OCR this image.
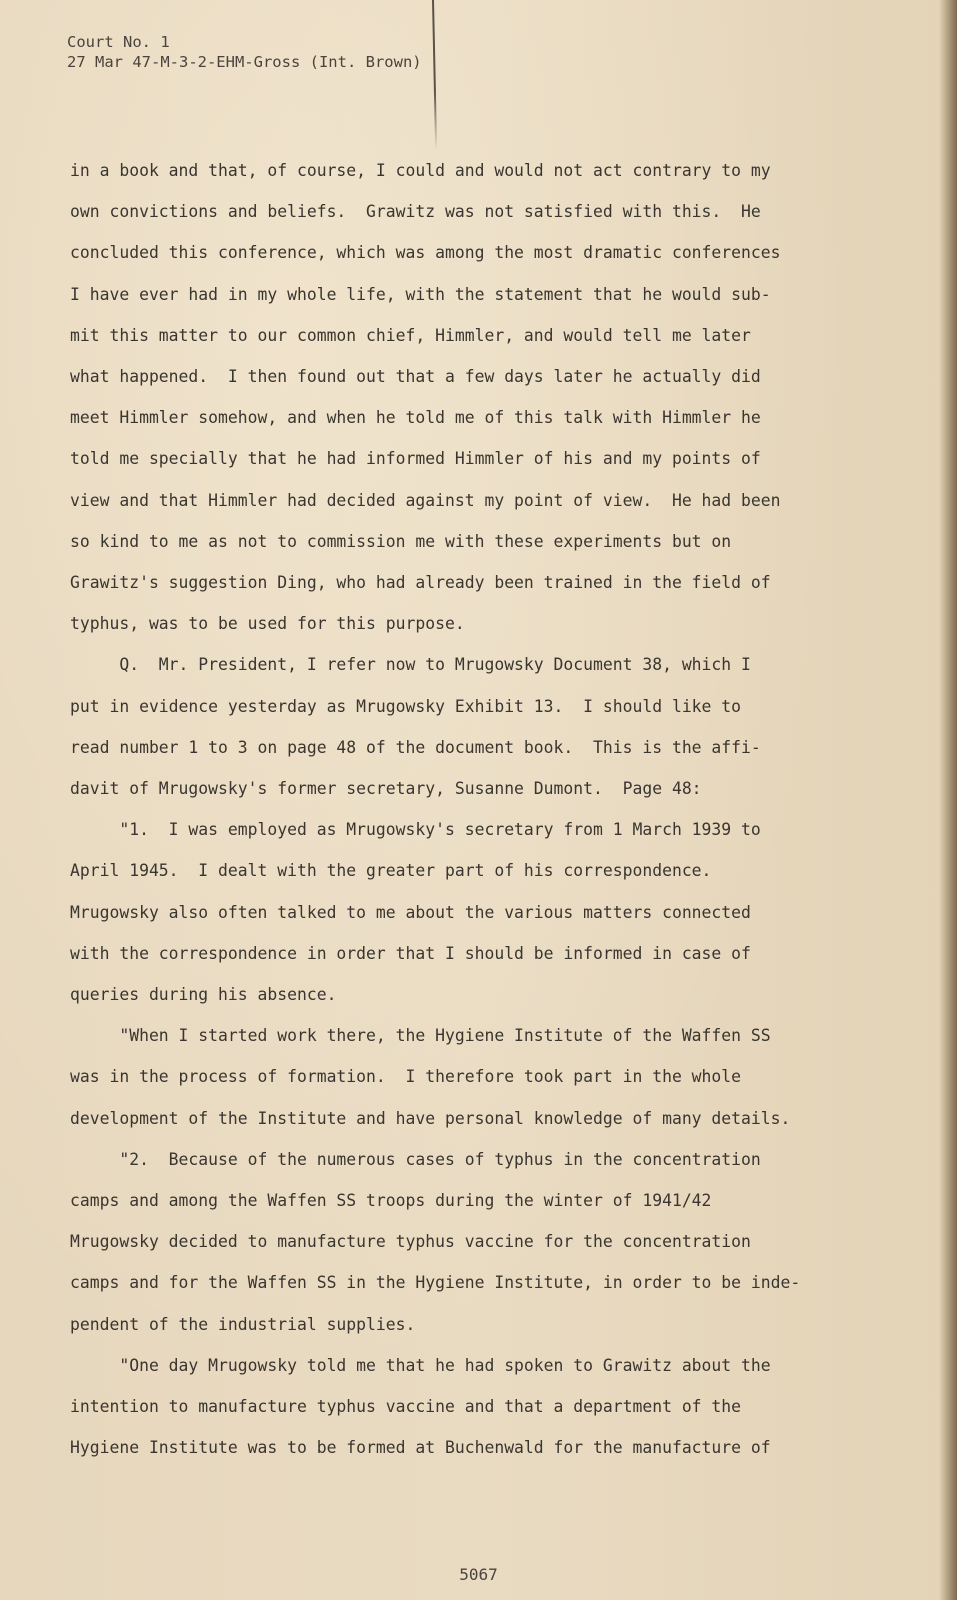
Court No. 1
27 Mar 47-M-3-2-EHM-Gross (Int. Brown)
in a book and that, of course, I could and would not act contrary to my
own convictions and beliefs.  Grawitz was not satisfied with this.  He
concluded this conference, which was among the most dramatic conferences
I have ever had in my whole life, with the statement that he would sub-
mit this matter to our common chief, Himmler, and would tell me later
what happened.  I then found out that a few days later he actually did
meet Himmler somehow, and when he told me of this talk with Himmler he
told me specially that he had informed Himmler of his and my points of
view and that Himmler had decided against my point of view.  He had been
so kind to me as not to commission me with these experiments but on
Grawitz's suggestion Ding, who had already been trained in the field of
typhus, was to be used for this purpose.
Q.  Mr. President, I refer now to Mrugowsky Document 38, which I
put in evidence yesterday as Mrugowsky Exhibit 13.  I should like to
read number 1 to 3 on page 48 of the document book.  This is the affi-
davit of Mrugowsky's former secretary, Susanne Dumont.  Page 48:
"1.  I was employed as Mrugowsky's secretary from 1 March 1939 to
April 1945.  I dealt with the greater part of his correspondence.
Mrugowsky also often talked to me about the various matters connected
with the correspondence in order that I should be informed in case of
queries during his absence.
"When I started work there, the Hygiene Institute of the Waffen SS
was in the process of formation.  I therefore took part in the whole
development of the Institute and have personal knowledge of many details.
"2.  Because of the numerous cases of typhus in the concentration
camps and among the Waffen SS troops during the winter of 1941/42
Mrugowsky decided to manufacture typhus vaccine for the concentration
camps and for the Waffen SS in the Hygiene Institute, in order to be inde-
pendent of the industrial supplies.
"One day Mrugowsky told me that he had spoken to Grawitz about the
intention to manufacture typhus vaccine and that a department of the
Hygiene Institute was to be formed at Buchenwald for the manufacture of
5067
